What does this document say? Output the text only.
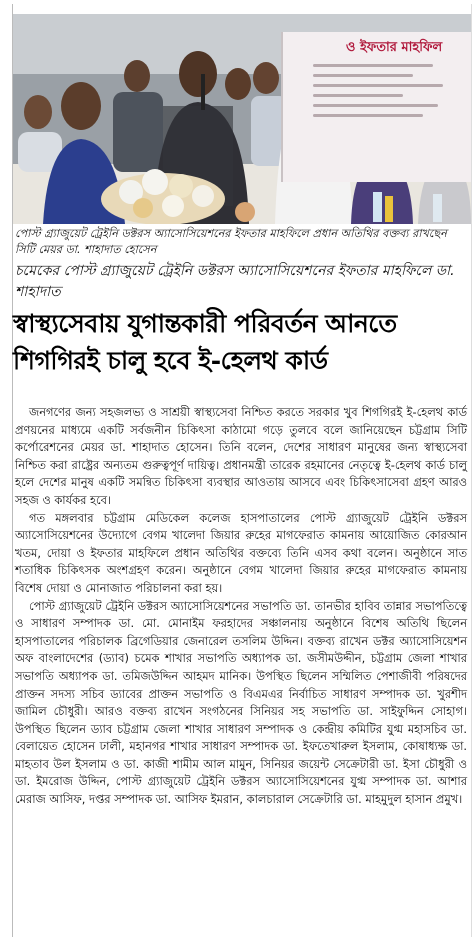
ও ইফতার মাহফিল
পোস্ট গ্র্যাজুয়েট ট্রেইনি ডক্টরস অ্যাসোসিয়েশনের ইফতার মাহফিলে প্রধান অতিথির বক্তব্য রাখছেন সিটি মেয়র ডা. শাহাদাত হোসেন
চমেকের পোস্ট গ্র্যাজুয়েট ট্রেইনি ডক্টরস অ্যাসোসিয়েশনের ইফতার মাহফিলে ডা. শাহাদাত
স্বাস্থ্যসেবায় যুগান্তকারী পরিবর্তন আনতে শিগগিরই চালু হবে ই-হেলথ কার্ড

জনগণের জন্য সহজলভ্য ও সাশ্রয়ী স্বাস্থ্যসেবা নিশ্চিত করতে সরকার খুব শিগগিরই ই-হেলথ কার্ড প্রণয়নের মাধ্যমে একটি সর্বজনীন চিকিৎসা কাঠামো গড়ে তুলবে বলে জানিয়েছেন চট্টগ্রাম সিটি কর্পোরেশনের মেয়র ডা. শাহাদাত হোসেন। তিনি বলেন, দেশের সাধারণ মানুষের জন্য স্বাস্থ্যসেবা নিশ্চিত করা রাষ্ট্রের অন্যতম গুরুত্বপূর্ণ দায়িত্ব। প্রধানমন্ত্রী তারেক রহমানের নেতৃত্বে ই-হেলথ কার্ড চালু হলে দেশের মানুষ একটি সমন্বিত চিকিৎসা ব্যবস্থার আওতায় আসবে এবং চিকিৎসাসেবা গ্রহণ আরও সহজ ও কার্যকর হবে।

গত মঙ্গলবার চট্টগ্রাম মেডিকেল কলেজ হাসপাতালের পোস্ট গ্র্যাজুয়েট ট্রেইনি ডক্টরস অ্যাসোসিয়েশনের উদ্যোগে বেগম খালেদা জিয়ার রুহের মাগফেরাত কামনায় আয়োজিত কোরআন খতম, দোয়া ও ইফতার মাহফিলে প্রধান অতিথির বক্তব্যে তিনি এসব কথা বলেন। অনুষ্ঠানে সাত শতাধিক চিকিৎসক অংশগ্রহণ করেন। অনুষ্ঠানে বেগম খালেদা জিয়ার রুহের মাগফেরাত কামনায় বিশেষ দোয়া ও মোনাজাত পরিচালনা করা হয়।

পোস্ট গ্র্যাজুয়েট ট্রেইনি ডক্টরস অ্যাসোসিয়েশনের সভাপতি ডা. তানভীর হাবিব তান্নার সভাপতিত্বে ও সাধারণ সম্পাদক ডা. মো. মোনাইম ফরহাদের সঞ্চালনায় অনুষ্ঠানে বিশেষ অতিথি ছিলেন হাসপাতালের পরিচালক ব্রিগেডিয়ার জেনারেল তসলিম উদ্দিন। বক্তব্য রাখেন ডক্টর অ্যাসোসিয়েশন অফ বাংলাদেশের (ড্যাব) চমেক শাখার সভাপতি অধ্যাপক ডা. জসীমউদ্দীন, চট্টগ্রাম জেলা শাখার সভাপতি অধ্যাপক ডা. তমিজউদ্দিন আহমদ মানিক। উপস্থিত ছিলেন সম্মিলিত পেশাজীবী পরিষদের প্রাক্তন সদস্য সচিব ড্যাবের প্রাক্তন সভাপতি ও বিএমএর নির্বাচিত সাধারণ সম্পাদক ডা. খুরশীদ জামিল চৌধুরী। আরও বক্তব্য রাখেন সংগঠনের সিনিয়র সহ সভাপতি ডা. সাইফুদ্দিন সোহাগ। উপস্থিত ছিলেন ড্যাব চট্টগ্রাম জেলা শাখার সাধারণ সম্পাদক ও কেন্দ্রীয় কমিটির যুগ্ম মহাসচিব ডা. বেলায়েত হোসেন ঢালী, মহানগর শাখার সাধারণ সম্পাদক ডা. ইফতেখারুল ইসলাম, কোষাধ্যক্ষ ডা. মাহতাব উল ইসলাম ও ডা. কাজী শামীম আল মামুন, সিনিয়র জয়েন্ট সেক্রেটারী ডা. ইসা চৌধুরী ও ডা. ইমরোজ উদ্দিন, পোস্ট গ্র্যাজুয়েট ট্রেইনি ডক্টরস অ্যাসোসিয়েশনের যুগ্ম সম্পাদক ডা. আশার মেরাজ আসিফ, দপ্তর সম্পাদক ডা. আসিফ ইমরান, কালচারাল সেক্রেটারি ডা. মাহমুদুল হাসান প্রমুখ।
